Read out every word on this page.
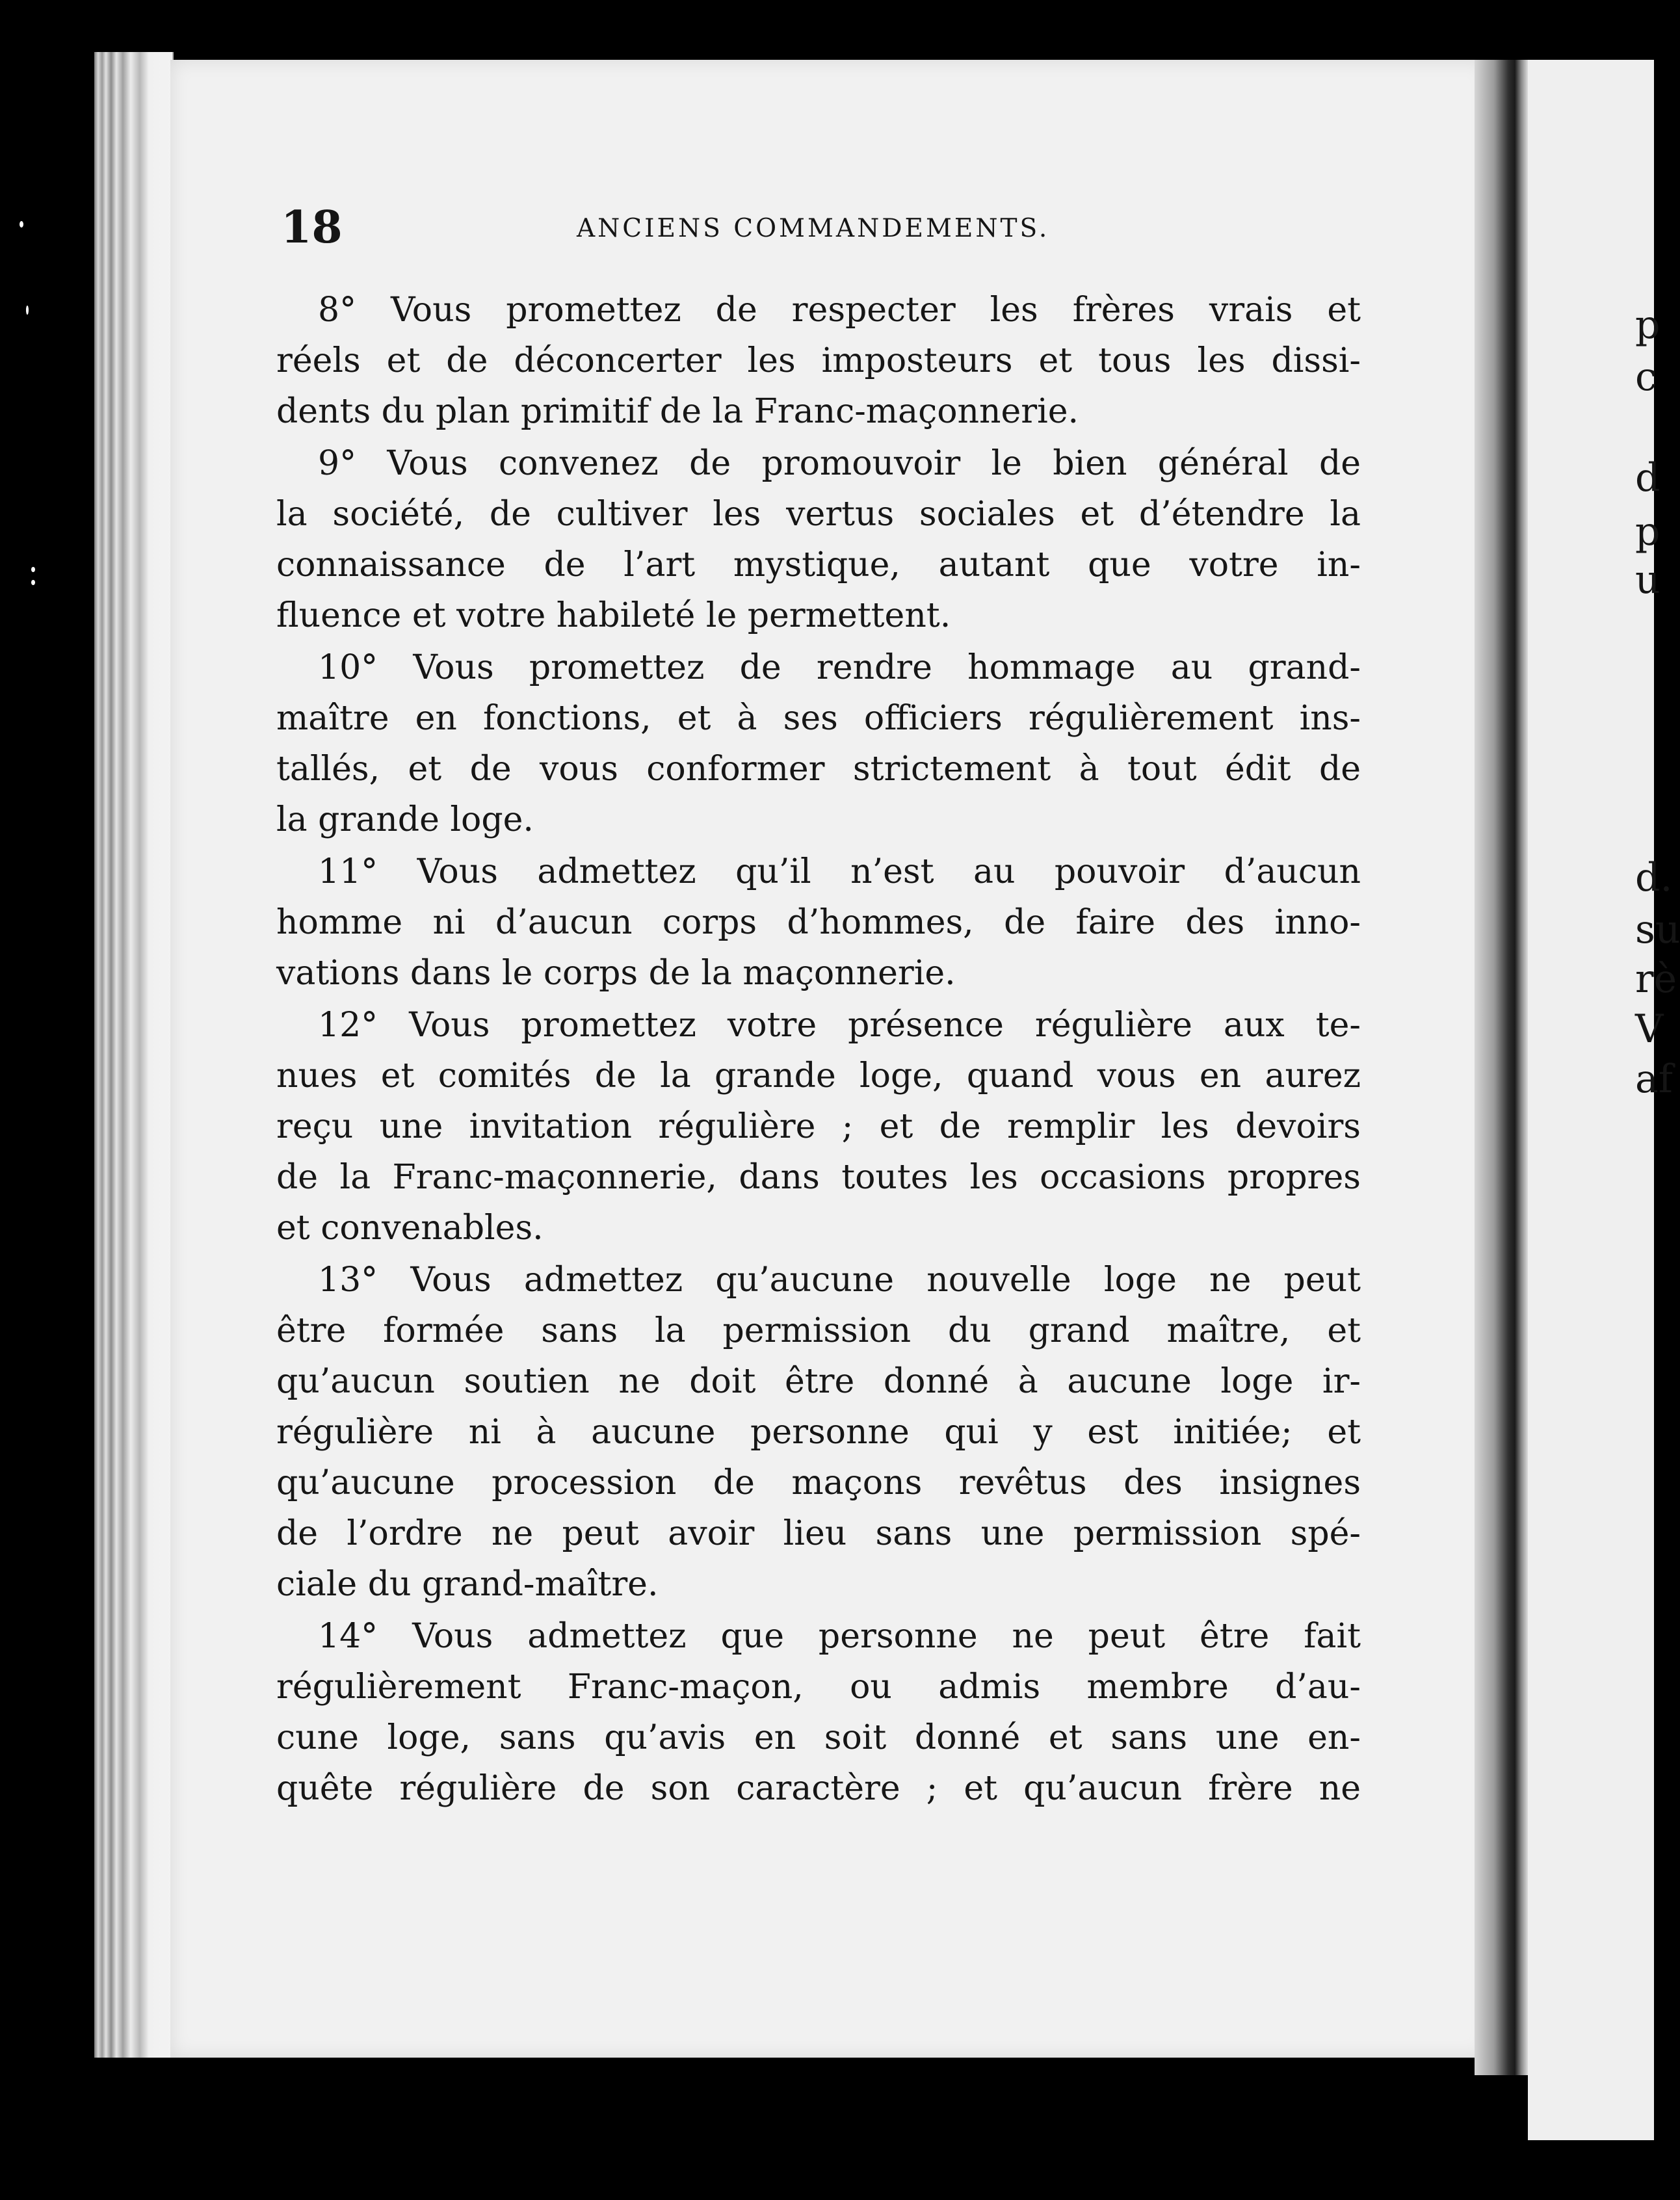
p
c
d
p
u
d.
su
rè
V
af
18	ANCIENS COMMANDEMENTS.
8° Vous promettez de respecter les frères vrais et
réels et de déconcerter les imposteurs et tous les dissi-
dents du plan primitif de la Franc-maçonnerie.
9° Vous convenez de promouvoir le bien général de
la société, de cultiver les vertus sociales et d’étendre la
connaissance de l’art mystique, autant que votre in-
fluence et votre habileté le permettent.
10° Vous promettez de rendre hommage au grand-
maître en fonctions, et à ses officiers régulièrement ins-
tallés, et de vous conformer strictement à tout édit de
la grande loge.
11° Vous admettez qu’il n’est au pouvoir d’aucun
homme ni d’aucun corps d’hommes, de faire des inno-
vations dans le corps de la maçonnerie.
12° Vous promettez votre présence régulière aux te-
nues et comités de la grande loge, quand vous en aurez
reçu une invitation régulière ; et de remplir les devoirs
de la Franc-maçonnerie, dans toutes les occasions propres
et convenables.
13° Vous admettez qu’aucune nouvelle loge ne peut
être formée sans la permission du grand maître, et
qu’aucun soutien ne doit être donné à aucune loge ir-
régulière ni à aucune personne qui y est initiée; et
qu’aucune procession de maçons revêtus des insignes
de l’ordre ne peut avoir lieu sans une permission spé-
ciale du grand-maître.
14° Vous admettez que personne ne peut être fait
régulièrement Franc-maçon, ou admis membre d’au-
cune loge, sans qu’avis en soit donné et sans une en-
quête régulière de son caractère ; et qu’aucun frère ne
